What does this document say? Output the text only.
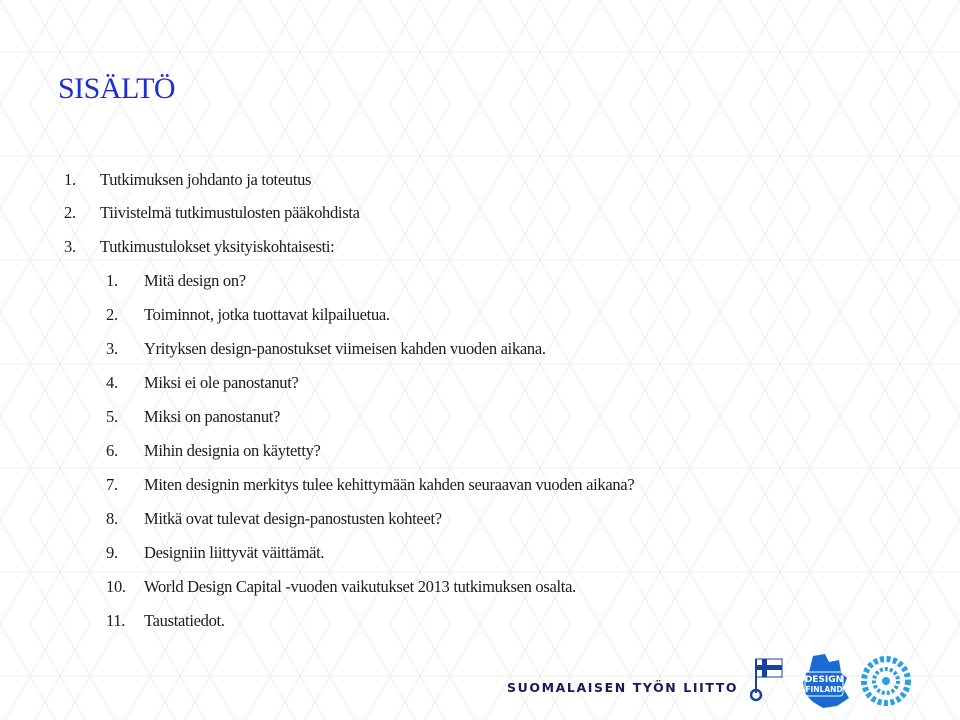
SISÄLTÖ
1.	Tutkimuksen johdanto ja toteutus
2.	Tiivistelmä tutkimustulosten pääkohdista
3.	Tutkimustulokset yksityiskohtaisesti:
1.	Mitä design on?
2.	Toiminnot, jotka tuottavat kilpailuetua.
3.	Yrityksen design-panostukset viimeisen kahden vuoden aikana.
4.	Miksi ei ole panostanut?
5.	Miksi on panostanut?
6.	Mihin designia on käytetty?
7.	Miten designin merkitys tulee kehittymään kahden seuraavan vuoden aikana?
8.	Mitkä ovat tulevat design-panostusten kohteet?
9.	Designiin liittyvät väittämät.
10.	World Design Capital -vuoden vaikutukset 2013 tutkimuksen osalta.
11.	Taustatiedot.
SUOMALAISEN TYÖN LIITTO	DESIGN
FINLAND
